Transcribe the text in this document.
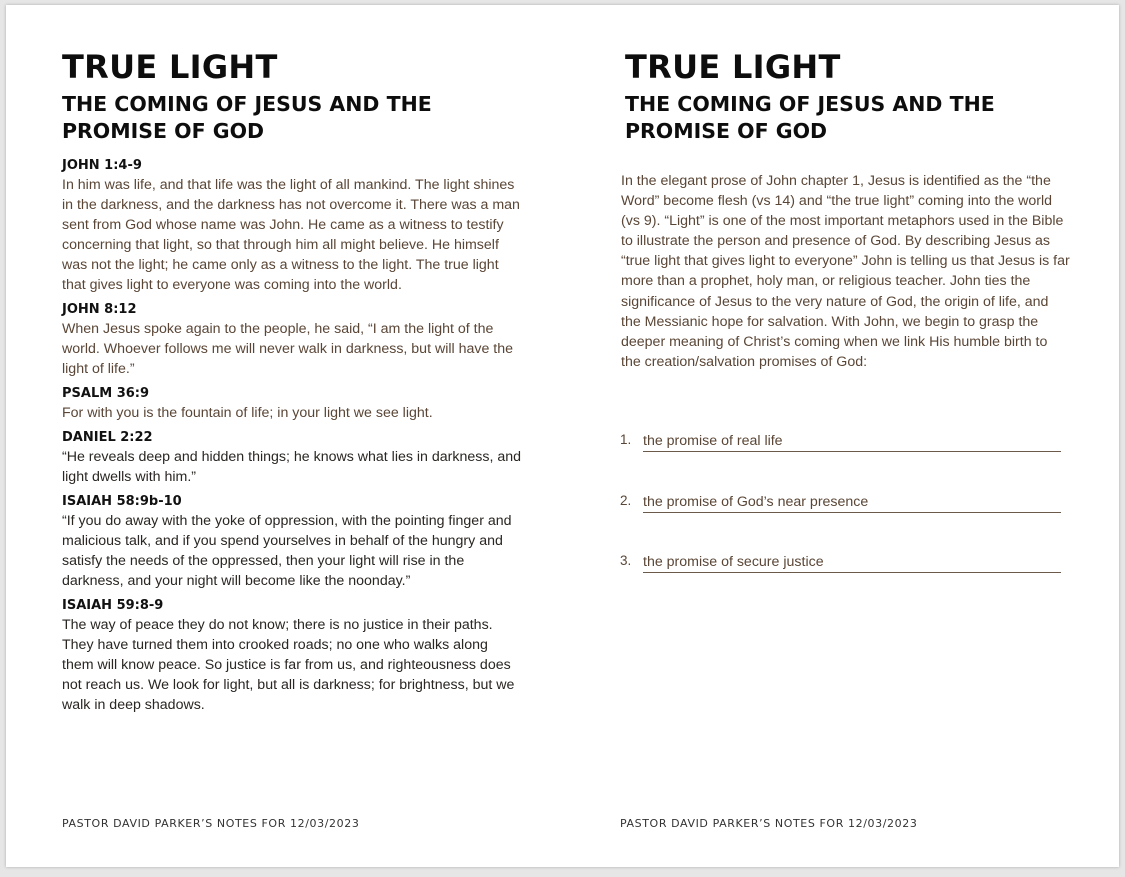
TRUE LIGHT
THE COMING OF JESUS AND THE PROMISE OF GOD

JOHN 1:4-9

In him was life, and that life was the light of all mankind. The light shines in the darkness, and the darkness has not overcome it. There was a man sent from God whose name was John. He came as a witness to testify concerning that light, so that through him all might believe. He himself was not the light; he came only as a witness to the light. The true light that gives light to everyone was coming into the world.

JOHN 8:12

When Jesus spoke again to the people, he said, “I am the light of the world. Whoever follows me will never walk in darkness, but will have the light of life.”

PSALM 36:9

For with you is the fountain of life; in your light we see light.

DANIEL 2:22

“He reveals deep and hidden things; he knows what lies in darkness, and light dwells with him.”

ISAIAH 58:9b-10

“If you do away with the yoke of oppression, with the pointing finger and malicious talk, and if you spend yourselves in behalf of the hungry and satisfy the needs of the oppressed, then your light will rise in the darkness, and your night will become like the noonday.”

ISAIAH 59:8-9

The way of peace they do not know; there is no justice in their paths. They have turned them into crooked roads; no one who walks along them will know peace. So justice is far from us, and righteousness does not reach us. We look for light, but all is darkness; for brightness, but we walk in deep shadows.

PASTOR DAVID PARKER’S NOTES FOR 12/03/2023
TRUE LIGHT
THE COMING OF JESUS AND THE PROMISE OF GOD

In the elegant prose of John chapter 1, Jesus is identified as the “the Word” become flesh (vs 14) and “the true light” coming into the world (vs 9). “Light” is one of the most important metaphors used in the Bible to illustrate the person and presence of God. By describing Jesus as “true light that gives light to everyone” John is telling us that Jesus is far more than a prophet, holy man, or religious teacher. John ties the significance of Jesus to the very nature of God, the origin of life, and the Messianic hope for salvation. With John, we begin to grasp the deeper meaning of Christ’s coming when we link His humble birth to the creation/salvation promises of God:

1. the promise of real life
2. the promise of God’s near presence
3. the promise of secure justice
PASTOR DAVID PARKER’S NOTES FOR 12/03/2023
